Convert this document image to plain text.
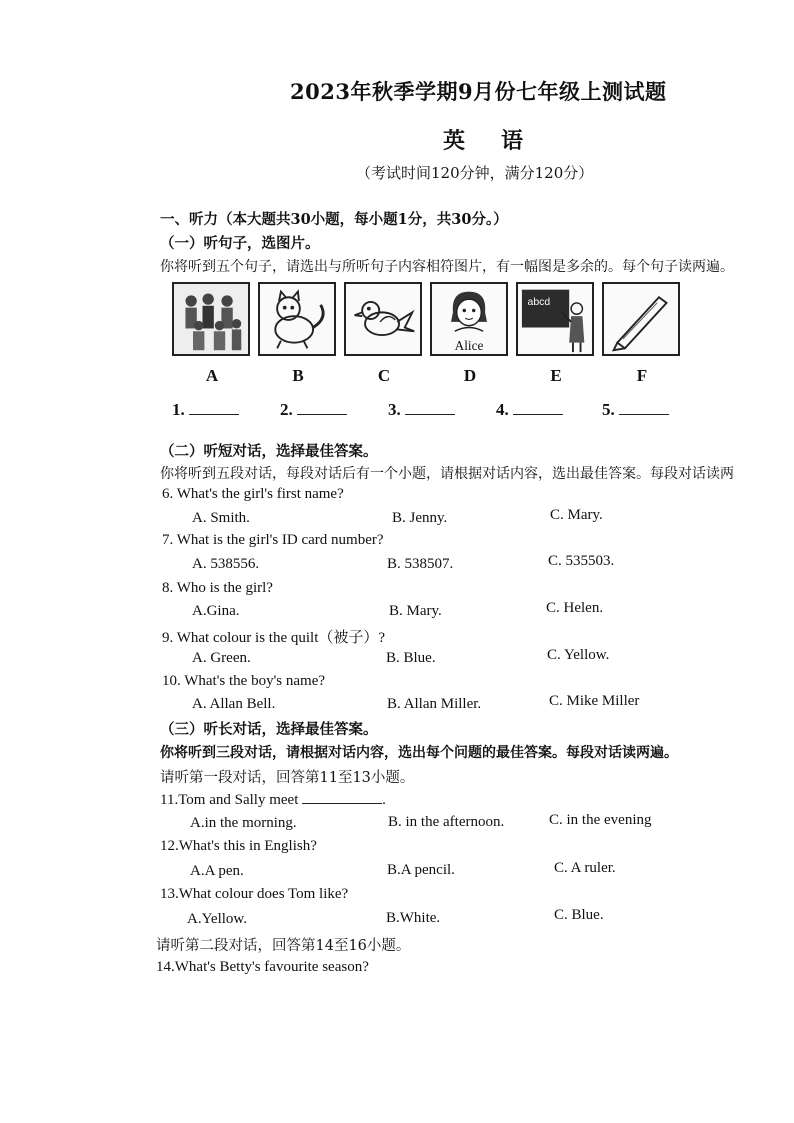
2023年秋季学期9月份七年级上测试题
英语
（考试时间120分钟，满分120分）
一、听力（本大题共30小题，每小题1分，共30分。）
（一）听句子，选图片。
你将听到五个句子，请选出与所听句子内容相符图片，有一幅图是多余的。每个句子读两遍。
Alice
abcd
A	B	C	D	E	F
1.	2.	3.	4.	5.
（二）听短对话，选择最佳答案。
你将听到五段对话，每段对话后有一个小题，请根据对话内容，选出最佳答案。每段对话读两
6. What's the girl's first name?
A. Smith.	B. Jenny.	C. Mary.
7. What is the girl's ID card number?
A. 538556.	B. 538507.	C. 535503.
8. Who is the girl?
A.Gina.	B. Mary.	C. Helen.
9. What colour is the quilt（被子）?
A. Green.	B. Blue.	C. Yellow.
10. What's the boy's name?
A. Allan Bell.	B. Allan Miller.	C. Mike Miller
（三）听长对话，选择最佳答案。
你将听到三段对话，请根据对话内容，选出每个问题的最佳答案。每段对话读两遍。
请听第一段对话，回答第11至13小题。
11.Tom and Sally meet	.
A.in the morning.	B. in the afternoon.	C. in the evening
12.What's this in English?
A.A pen.	B.A pencil.	C. A ruler.
13.What colour does Tom like?
A.Yellow.	B.White.	C. Blue.
请听第二段对话，回答第14至16小题。
14.What's Betty's favourite season?
